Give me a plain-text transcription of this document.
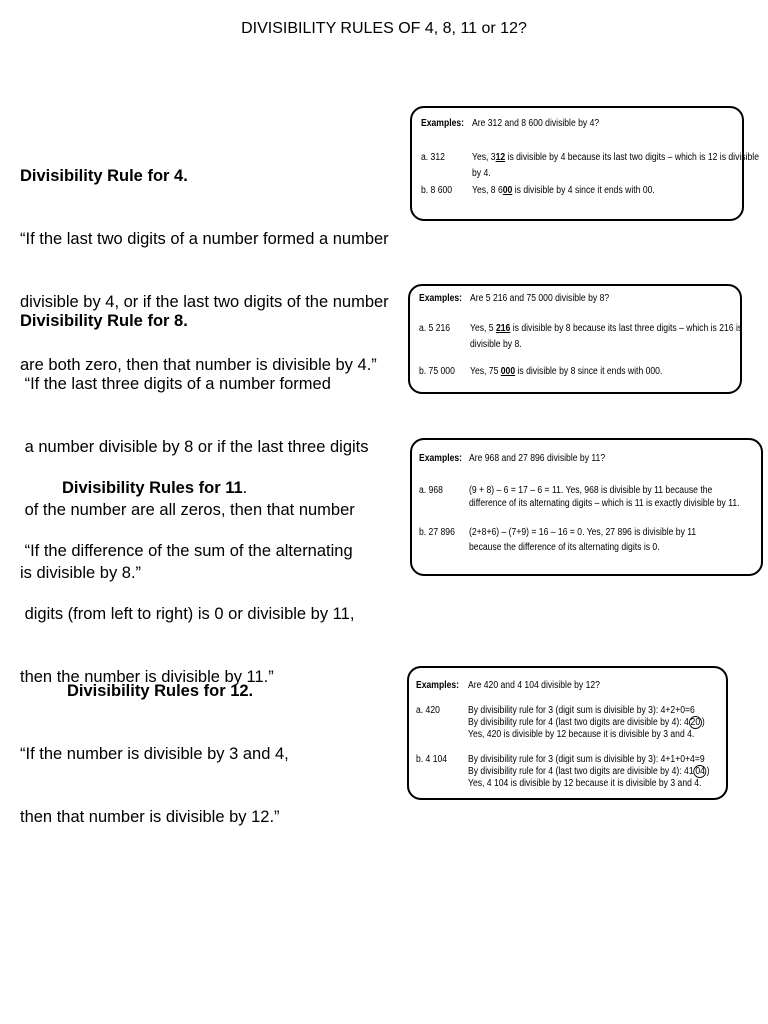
DIVISIBILITY RULES OF 4, 8, 11 or 12?

Divisibility Rule for 4.

“If the last two digits of a number formed a number

divisible by 4, or if the last two digits of the number

are both zero, then that number is divisible by 4.”

Divisibility Rule for 8.

“If the last three digits of a number formed

a number divisible by 8 or if the last three digits

of the number are all zeros, then that number

is divisible by 8.”

Divisibility Rules for 11.

“If the difference of the sum of the alternating

digits (from left to right) is 0 or divisible by 11,

then the number is divisible by 11.”

Divisibility Rules for 12.

“If the number is divisible by 3 and 4,

then that number is divisible by 12.”

Examples: Are 312 and 8 600 divisible by 4?
a. 312	Yes, 312 is divisible by 4 because its last two digits – which is 12 is divisible
by 4.
b. 8 600 Yes, 8 600 is divisible by 4 since it ends with 00.
Examples: Are 5 216 and 75 000 divisible by 8?
a. 5 216 Yes, 5 216 is divisible by 8 because its last three digits – which is 216 is
divisible by 8.
b. 75 000 Yes, 75 000 is divisible by 8 since it ends with 000.
Examples: Are 968 and 27 896 divisible by 11?
a. 968	(9 + 8) – 6 = 17 – 6 = 11. Yes, 968 is divisible by 11 because the
difference of its alternating digits – which is 11 is exactly divisible by 11.
b. 27 896 (2+8+6) – (7+9) = 16 – 16 = 0. Yes, 27 896 is divisible by 11
because the difference of its alternating digits is 0.
Examples: Are 420 and 4 104 divisible by 12?
a. 420	By divisibility rule for 3 (digit sum is divisible by 3): 4+2+0=6
By divisibility rule for 4 (last two digits are divisible by 4): 4 20 )
Yes, 420 is divisible by 12 because it is divisible by 3 and 4.
b. 4 104 By divisibility rule for 3 (digit sum is divisible by 3): 4+1+0+4=9
By divisibility rule for 4 (last two digits are divisible by 4): 41 04 )
Yes, 4 104 is divisible by 12 because it is divisible by 3 and 4.
